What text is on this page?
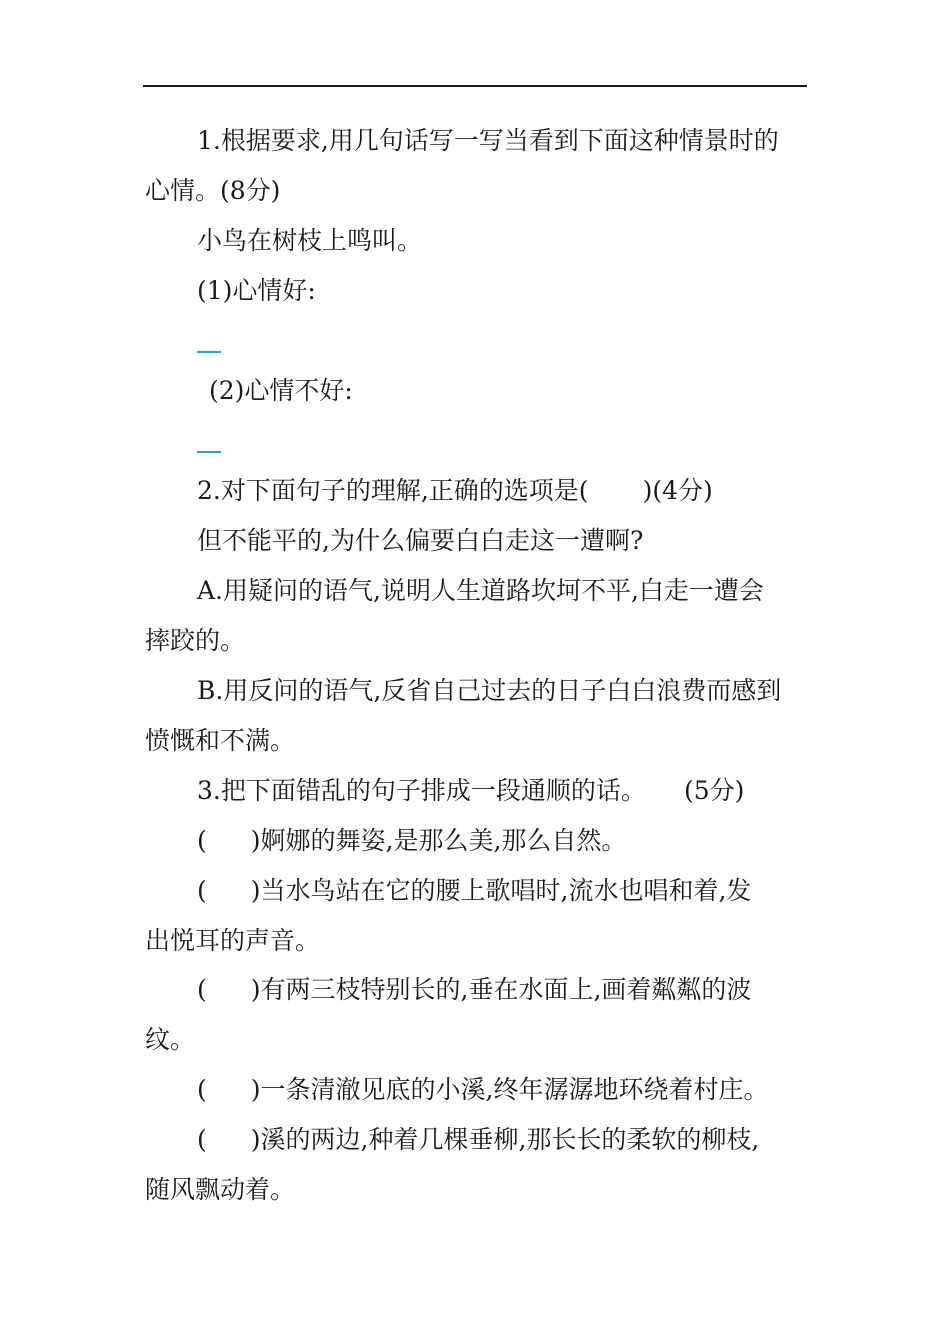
1.根据要求,用几句话写一写当看到下面这种情景时的
心情。(8分)
小鸟在树枝上鸣叫。
(1)心情好:
(2)心情不好:
2.对下面句子的理解,正确的选项是( )(4分)
但不能平的,为什么偏要白白走这一遭啊?
A.用疑问的语气,说明人生道路坎坷不平,白走一遭会
摔跤的。
B.用反问的语气,反省自己过去的日子白白浪费而感到
愤慨和不满。
3.把下面错乱的句子排成一段通顺的话。 (5分)
( )婀娜的舞姿,是那么美,那么自然。
( )当水鸟站在它的腰上歌唱时,流水也唱和着,发
出悦耳的声音。
( )有两三枝特别长的,垂在水面上,画着粼粼的波
纹。
( )一条清澈见底的小溪,终年潺潺地环绕着村庄。
( )溪的两边,种着几棵垂柳,那长长的柔软的柳枝,
随风飘动着。
